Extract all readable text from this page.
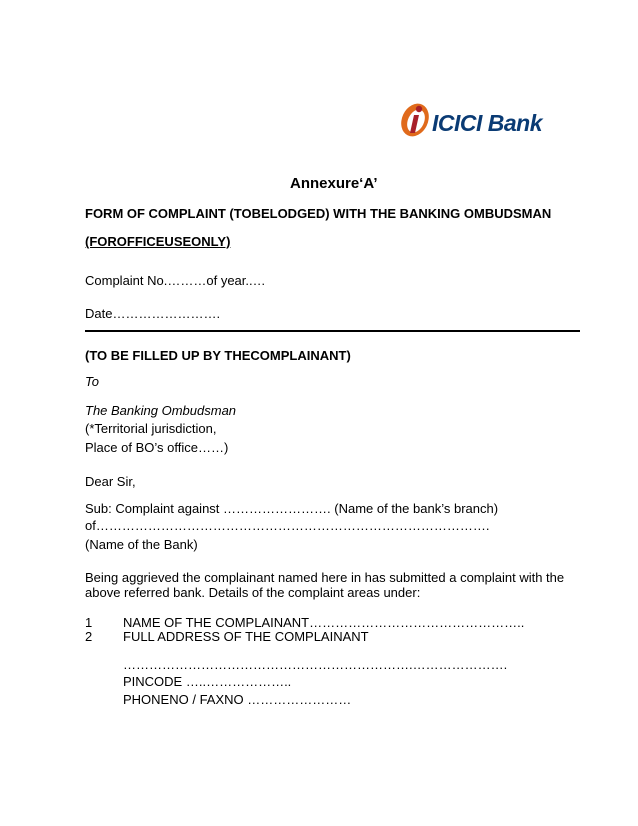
ICICI Bank
Annexure‘A’
FORM OF COMPLAINT (TOBELODGED) WITH THE BANKING OMBUDSMAN
(FOROFFICEUSEONLY)
Complaint No.………of year..…
Date…………………….
(TO BE FILLED UP BY THECOMPLAINANT)
To
The Banking Ombudsman
(*Territorial jurisdiction,
Place of BO’s office……)
Dear Sir,
Sub: Complaint against ……………………. (Name of the bank’s branch)
of……………………………………………………………………………….
(Name of the Bank)
Being aggrieved the complainant named here in has submitted a complaint with the
above referred bank. Details of the complaint areas under:
1 NAME OF THE COMPLAINANT…………………………………………..
2 FULL ADDRESS OF THE COMPLAINANT
………………………………………………………….………………….
PINCODE …..………………..
PHONENO / FAXNO ……………………
